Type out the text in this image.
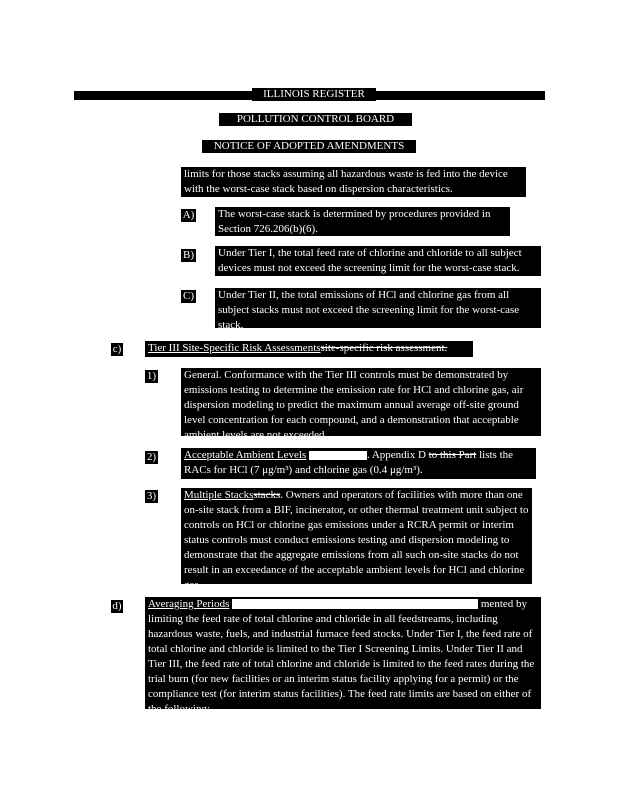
ILLINOIS REGISTER
POLLUTION CONTROL BOARD
NOTICE OF ADOPTED AMENDMENTS
limits for those stacks assuming all hazardous waste is fed into the device with the worst-case stack based on dispersion characteristics.
A) The worst-case stack is determined by procedures provided in Section 726.206(b)(6).
B) Under Tier I, the total feed rate of chlorine and chloride to all subject devices must not exceed the screening limit for the worst-case stack.
C) Under Tier II, the total emissions of HCl and chlorine gas from all subject stacks must not exceed the screening limit for the worst-case stack.
c) Tier III Site-Specific Risk Assessmentssite-specific risk assessment.
1)	General. Conformance with the Tier III controls must be demonstrated by emissions testing to determine the emission rate for HCl and chlorine gas, air dispersion modeling to predict the maximum annual average off-site ground level concentration for each compound, and a demonstration that acceptable ambient levels are not exceeded.
2)	Acceptable Ambient Levels	. Appendix D to this Part lists the RACs for HCl (7 μg/m³) and chlorine gas (0.4 μg/m³).
3)	Multiple Stacksstacks. Owners and operators of facilities with more than one on-site stack from a BIF, incinerator, or other thermal treatment unit subject to controls on HCl or chlorine gas emissions under a RCRA permit or interim status controls must conduct emissions testing and dispersion modeling to demonstrate that the aggregate emissions from all such on-site stacks do not result in an exceedance of the acceptable ambient levels for HCl and chlorine gas.
d) Averaging Periods	mented by

limiting the feed rate of total chlorine and chloride in all feedstreams, including hazardous waste, fuels, and industrial furnace feed stocks. Under Tier I, the feed rate of total chlorine and chloride is limited to the Tier I Screening Limits. Under Tier II and Tier III, the feed rate of total chlorine and chloride is limited to the feed rates during the trial burn (for new facilities or an interim status facility applying for a permit) or the compliance test (for interim status facilities). The feed rate limits are based on either of the following:
